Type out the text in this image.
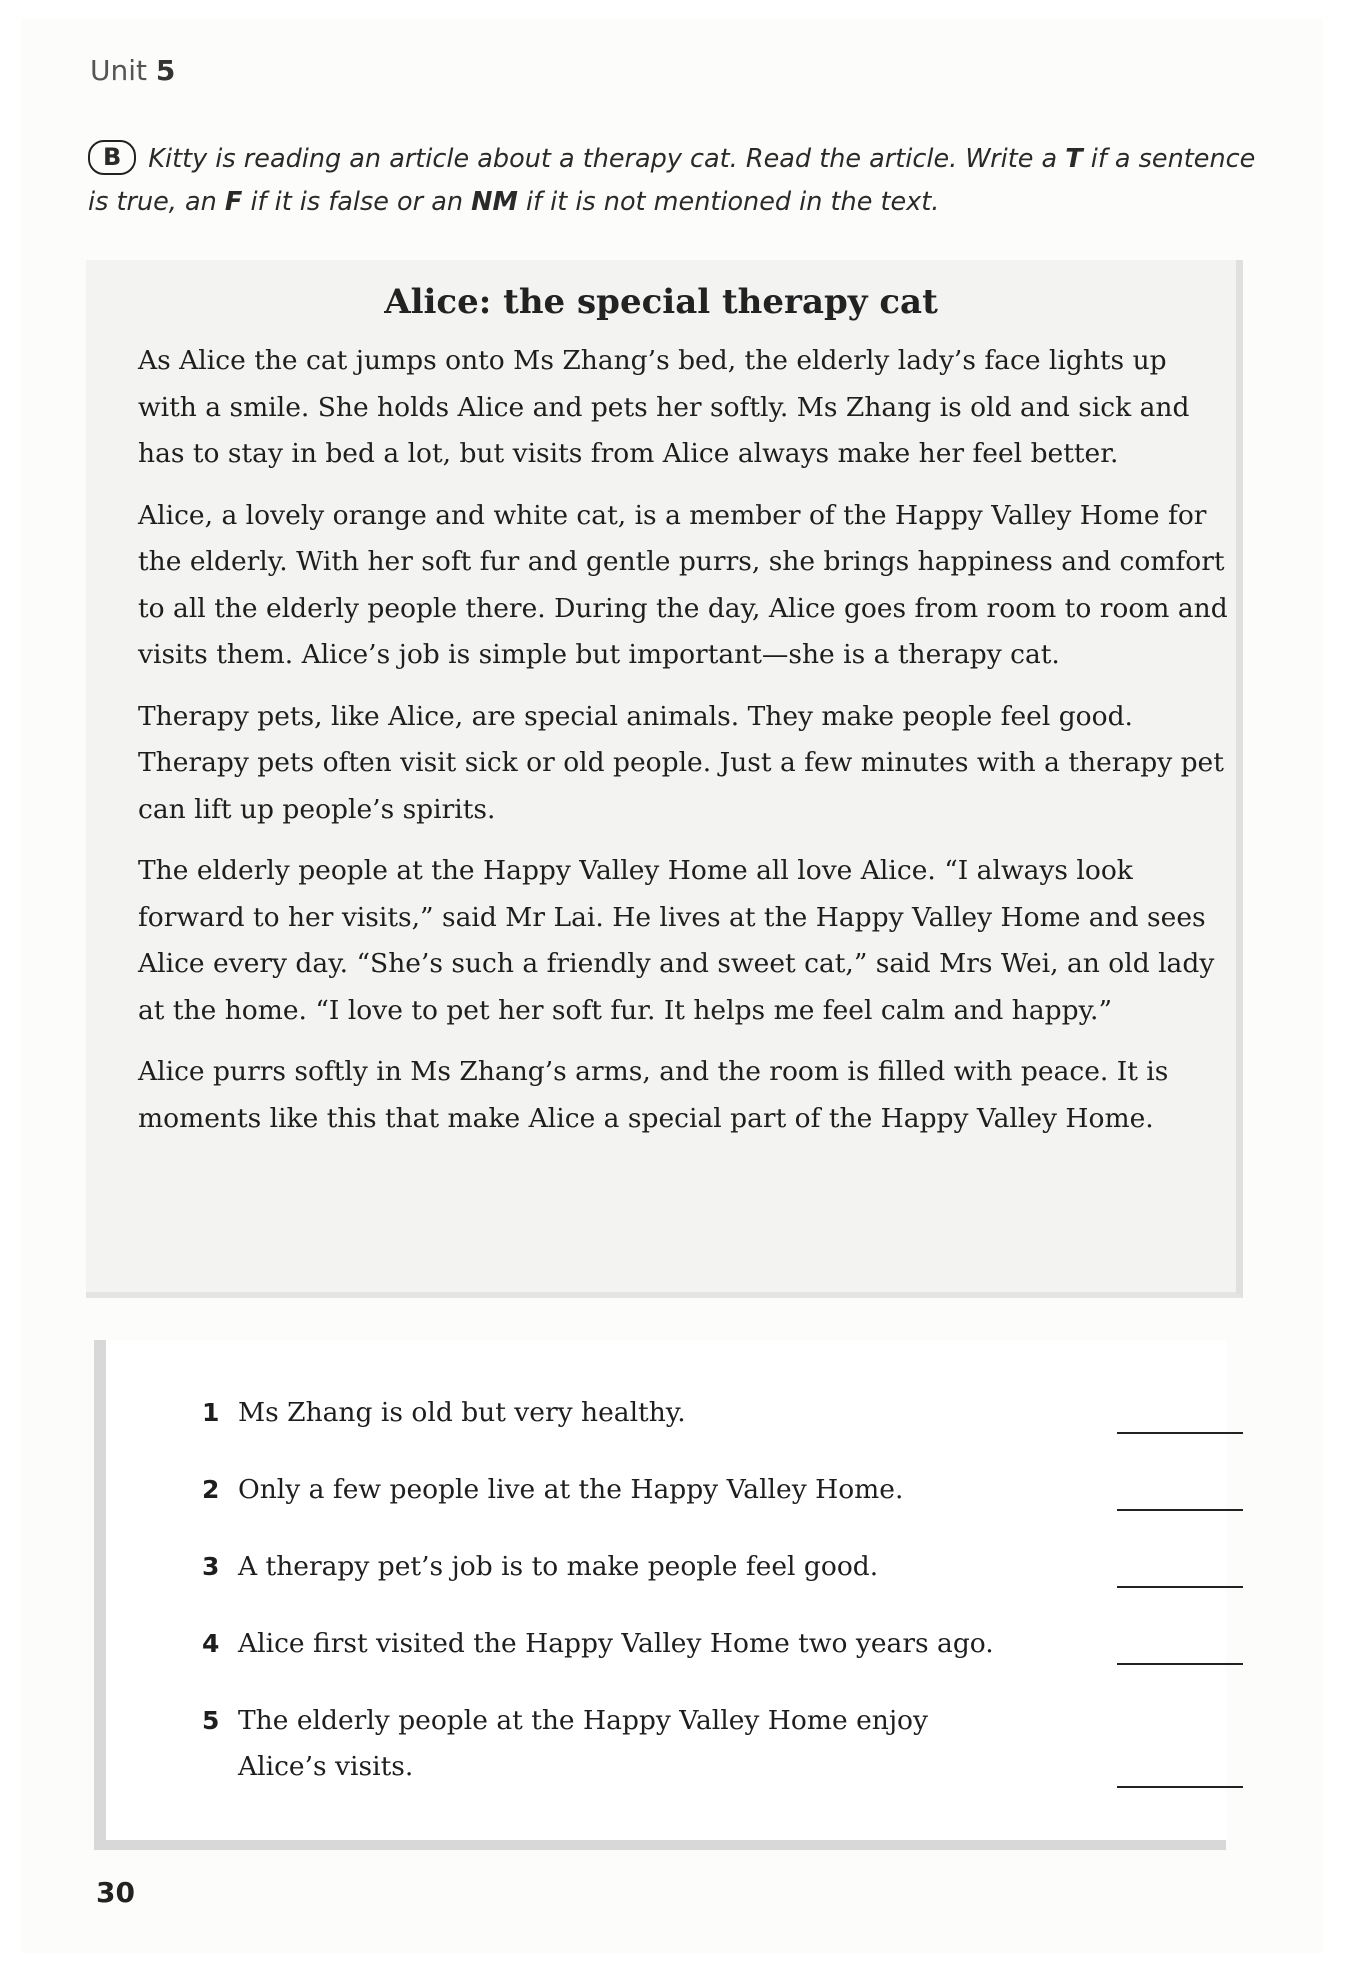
Unit 5
B Kitty is reading an article about a therapy cat. Read the article. Write a T if a sentence is true, an F if it is false or an NM if it is not mentioned in the text.
Alice: the special therapy cat

As Alice the cat jumps onto Ms Zhang’s bed, the elderly lady’s face lights up with a smile. She holds Alice and pets her softly. Ms Zhang is old and sick and has to stay in bed a lot, but visits from Alice always make her feel better.

Alice, a lovely orange and white cat, is a member of the Happy Valley Home for the elderly. With her soft fur and gentle purrs, she brings happiness and comfort to all the elderly people there. During the day, Alice goes from room to room and visits them. Alice’s job is simple but important—she is a therapy cat.

Therapy pets, like Alice, are special animals. They make people feel good. Therapy pets often visit sick or old people. Just a few minutes with a therapy pet can lift up people’s spirits.

The elderly people at the Happy Valley Home all love Alice. “I always look forward to her visits,” said Mr Lai. He lives at the Happy Valley Home and sees Alice every day. “She’s such a friendly and sweet cat,” said Mrs Wei, an old lady at the home. “I love to pet her soft fur. It helps me feel calm and happy.”

Alice purrs softly in Ms Zhang’s arms, and the room is filled with peace. It is moments like this that make Alice a special part of the Happy Valley Home.

1 Ms Zhang is old but very healthy.
2 Only a few people live at the Happy Valley Home.
3 A therapy pet’s job is to make people feel good.
4 Alice first visited the Happy Valley Home two years ago.
5 The elderly people at the Happy Valley Home enjoy Alice’s visits.
30
